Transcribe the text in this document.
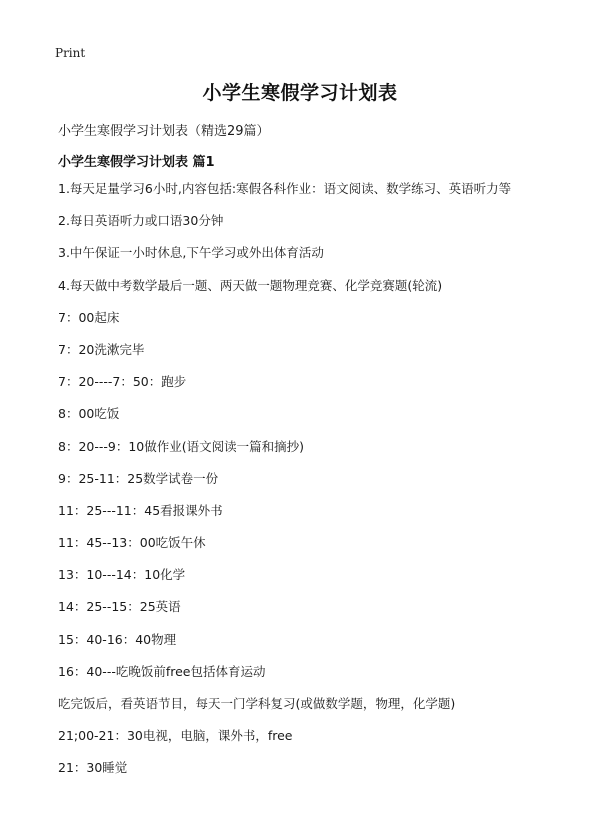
Print
小学生寒假学习计划表
小学生寒假学习计划表（精选29篇）
小学生寒假学习计划表 篇1
1.每天足量学习6小时,内容包括:寒假各科作业：语文阅读、数学练习、英语听力等
2.每日英语听力或口语30分钟
3.中午保证一小时休息,下午学习或外出体育活动
4.每天做中考数学最后一题、两天做一题物理竞赛、化学竞赛题(轮流)
7：00起床
7：20洗漱完毕
7：20----7：50：跑步
8：00吃饭
8：20---9：10做作业(语文阅读一篇和摘抄)
9：25-11：25数学试卷一份
11：25---11：45看报课外书
11：45--13：00吃饭午休
13：10---14：10化学
14：25--15：25英语
15：40-16：40物理
16：40---吃晚饭前free包括体育运动
吃完饭后，看英语节目，每天一门学科复习(或做数学题，物理，化学题)
21;00-21：30电视，电脑，课外书，free
21：30睡觉
